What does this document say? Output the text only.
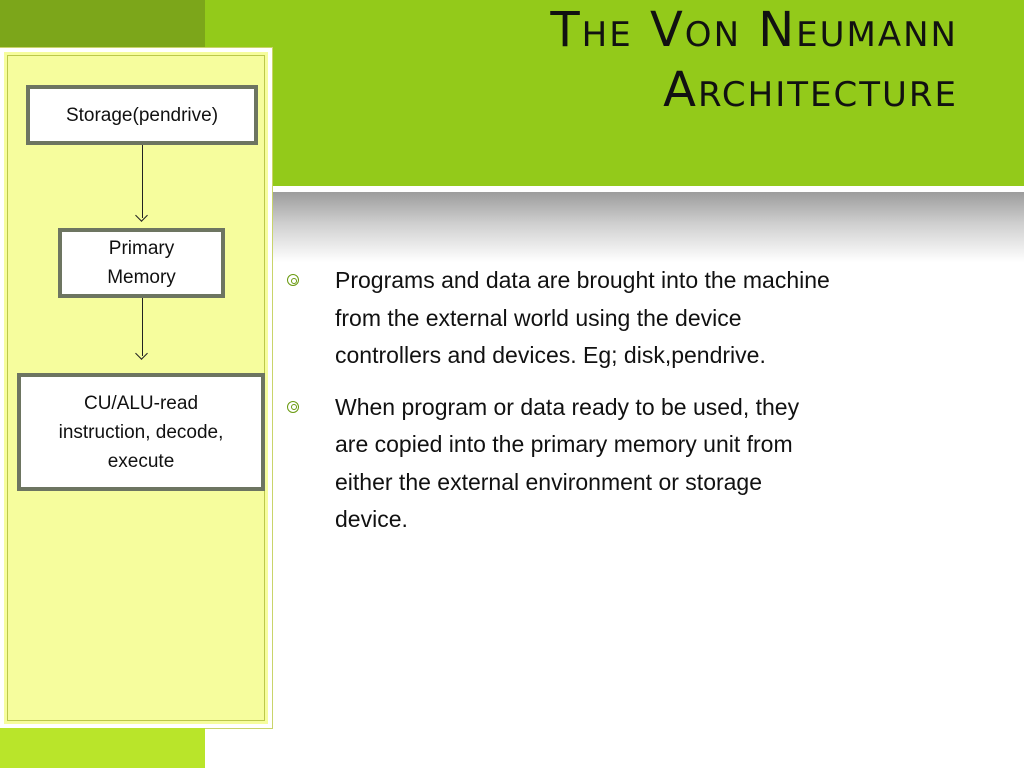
The Von Neumann
Architecture
Storage(pendrive)
Primary
Memory
CU/ALU-read
instruction, decode,
execute
Programs and data are brought into the machine
from the external world using the device
controllers and devices. Eg; disk,pendrive.
When program or data ready to be used, they
are copied into the primary memory unit from
either the external environment or storage
device.
